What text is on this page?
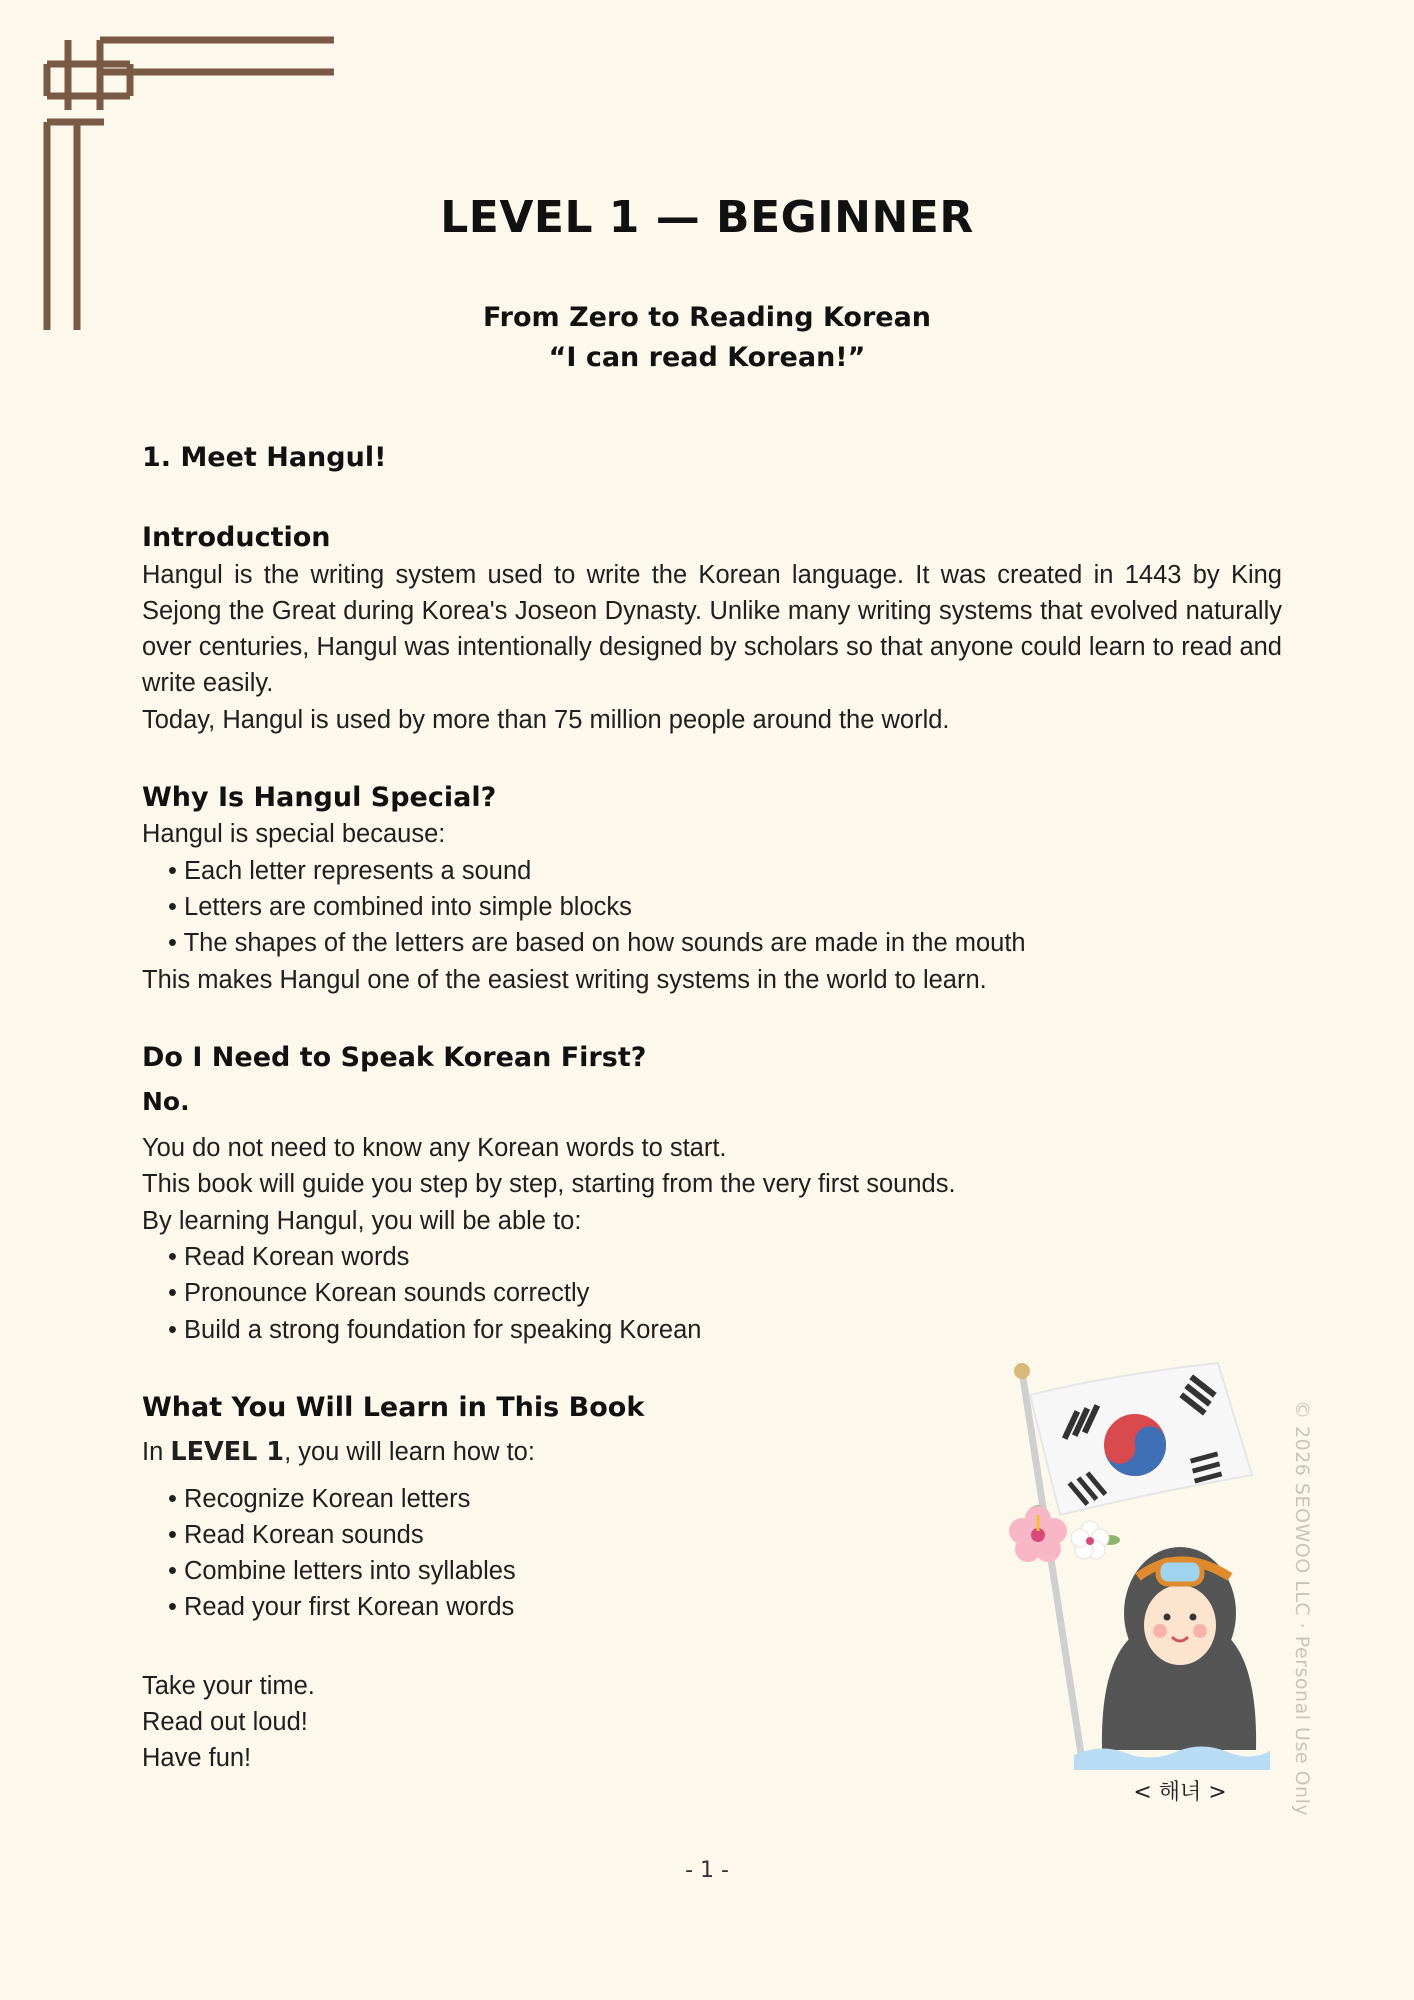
LEVEL 1 — BEGINNER

From Zero to Reading Korean

“I can read Korean!”

1. Meet Hangul!
Introduction

Hangul is the writing system used to write the Korean language. It was created in 1443 by King Sejong the Great during Korea's Joseon Dynasty. Unlike many writing systems that evolved naturally over centuries, Hangul was intentionally designed by scholars so that anyone could learn to read and write easily.

Today, Hangul is used by more than 75 million people around the world.

Why Is Hangul Special?

Hangul is special because:

• Each letter represents a sound
• Letters are combined into simple blocks
• The shapes of the letters are based on how sounds are made in the mouth

This makes Hangul one of the easiest writing systems in the world to learn.

Do I Need to Speak Korean First?

No.

You do not need to know any Korean words to start.

This book will guide you step by step, starting from the very first sounds.

By learning Hangul, you will be able to:

• Read Korean words
• Pronounce Korean sounds correctly
• Build a strong foundation for speaking Korean
What You Will Learn in This Book

In LEVEL 1, you will learn how to:

• Recognize Korean letters
• Read Korean sounds
• Combine letters into syllables
• Read your first Korean words

Take your time.

Read out loud!

Have fun!

< 해녀 >	© 2026 SEOWOO LLC · Personal Use Only
- 1 -
